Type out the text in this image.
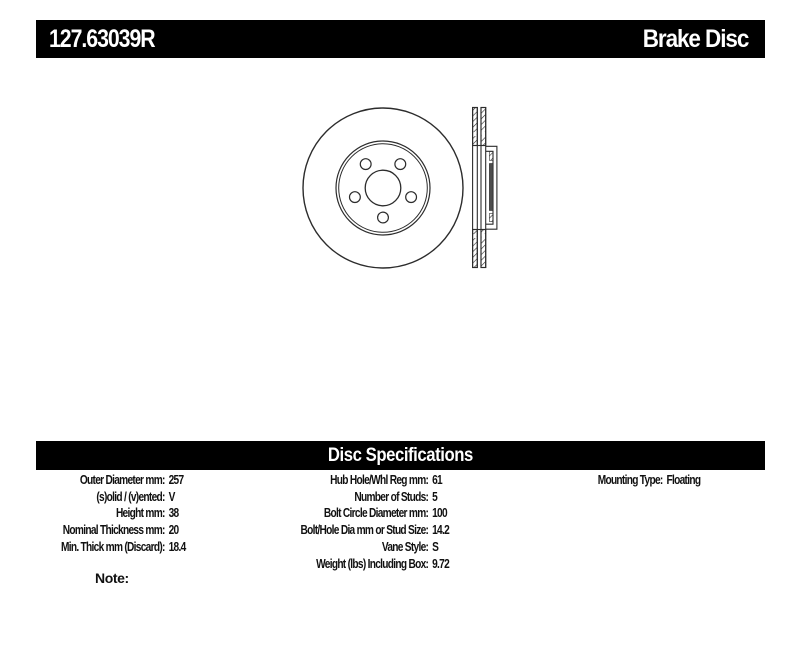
127.63039R	Brake Disc
Disc Specifications
Outer Diameter mm: 257
(s)olid / (v)ented: V
Height mm: 38
Nominal Thickness mm: 20
Min. Thick mm (Discard): 18.4
Hub Hole/Whl Reg mm: 61
Number of Studs: 5
Bolt Circle Diameter mm: 100
Bolt/Hole Dia mm or Stud Size: 14.2
Vane Style: S
Weight (lbs) Including Box: 9.72
Mounting Type: Floating
Note:
